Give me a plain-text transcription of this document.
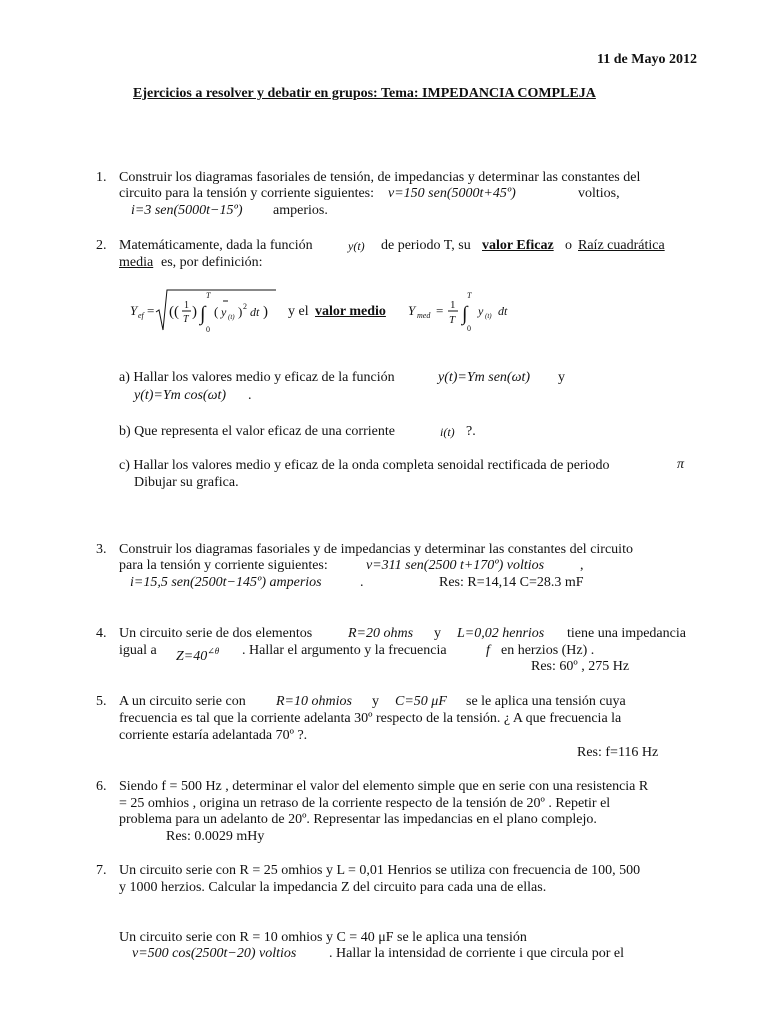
11 de Mayo 2012
Ejercicios a resolver y debatir en grupos: Tema: IMPEDANCIA COMPLEJA
1. Construir los diagramas fasoriales de tensión, de impedancias y determinar las constantes del
circuito para la tensión y corriente siguientes: v=150 sen(5000t+45º)	voltios,
i=3 sen(5000t−15º) amperios.
2. Matemáticamente, dada la función	y(t) de periodo T, su valor Eficaz o Raíz cuadrática
media es, por definición:
Y ef = (( 1
T ) ∫
T
0
( y (t) ) 2 dt ) y el valor medio Y med = 1
T ∫
T
0
y (t) dt
a) Hallar los valores medio y eficaz de la función	y(t)=Ym sen(ωt) y
y(t)=Ym cos(ωt) .
b) Que representa el valor eficaz de una corriente	i(t) ?.
c) Hallar los valores medio y eficaz de la onda completa senoidal rectificada de periodo	π
Dibujar su grafica.
3. Construir los diagramas fasoriales y de impedancias y determinar las constantes del circuito
para la tensión y corriente siguientes:	v=311 sen(2500 t+170º) voltios	,
i=15,5 sen(2500t−145º) amperios	.	Res: R=14,14 C=28.3 mF
4. Un circuito serie de dos elementos	R=20 ohms y L=0,02 henrios tiene una impedancia
igual a $Z=40^{\angle\theta}$ . Hallar el argumento y la frecuencia	f en herzios (Hz) .
Res: 60º , 275 Hz
5. A un circuito serie con R=10 ohmios y C=50 μF se le aplica una tensión cuya
frecuencia es tal que la corriente adelanta 30º respecto de la tensión. ¿ A que frecuencia la
corriente estaría adelantada 70º ?.
Res: f=116 Hz
6. Siendo f = 500 Hz , determinar el valor del elemento simple que en serie con una resistencia R
= 25 omhios , origina un retraso de la corriente respecto de la tensión de 20º . Repetir el
problema para un adelanto de 20º. Representar las impedancias en el plano complejo.
Res: 0.0029 mHy
7. Un circuito serie con R = 25 omhios y L = 0,01 Henrios se utiliza con frecuencia de 100, 500
y 1000 herzios. Calcular la impedancia Z del circuito para cada una de ellas.
Un circuito serie con R = 10 omhios y C = 40 μF se le aplica una tensión
v=500 cos(2500t−20) voltios . Hallar la intensidad de corriente i que circula por el
